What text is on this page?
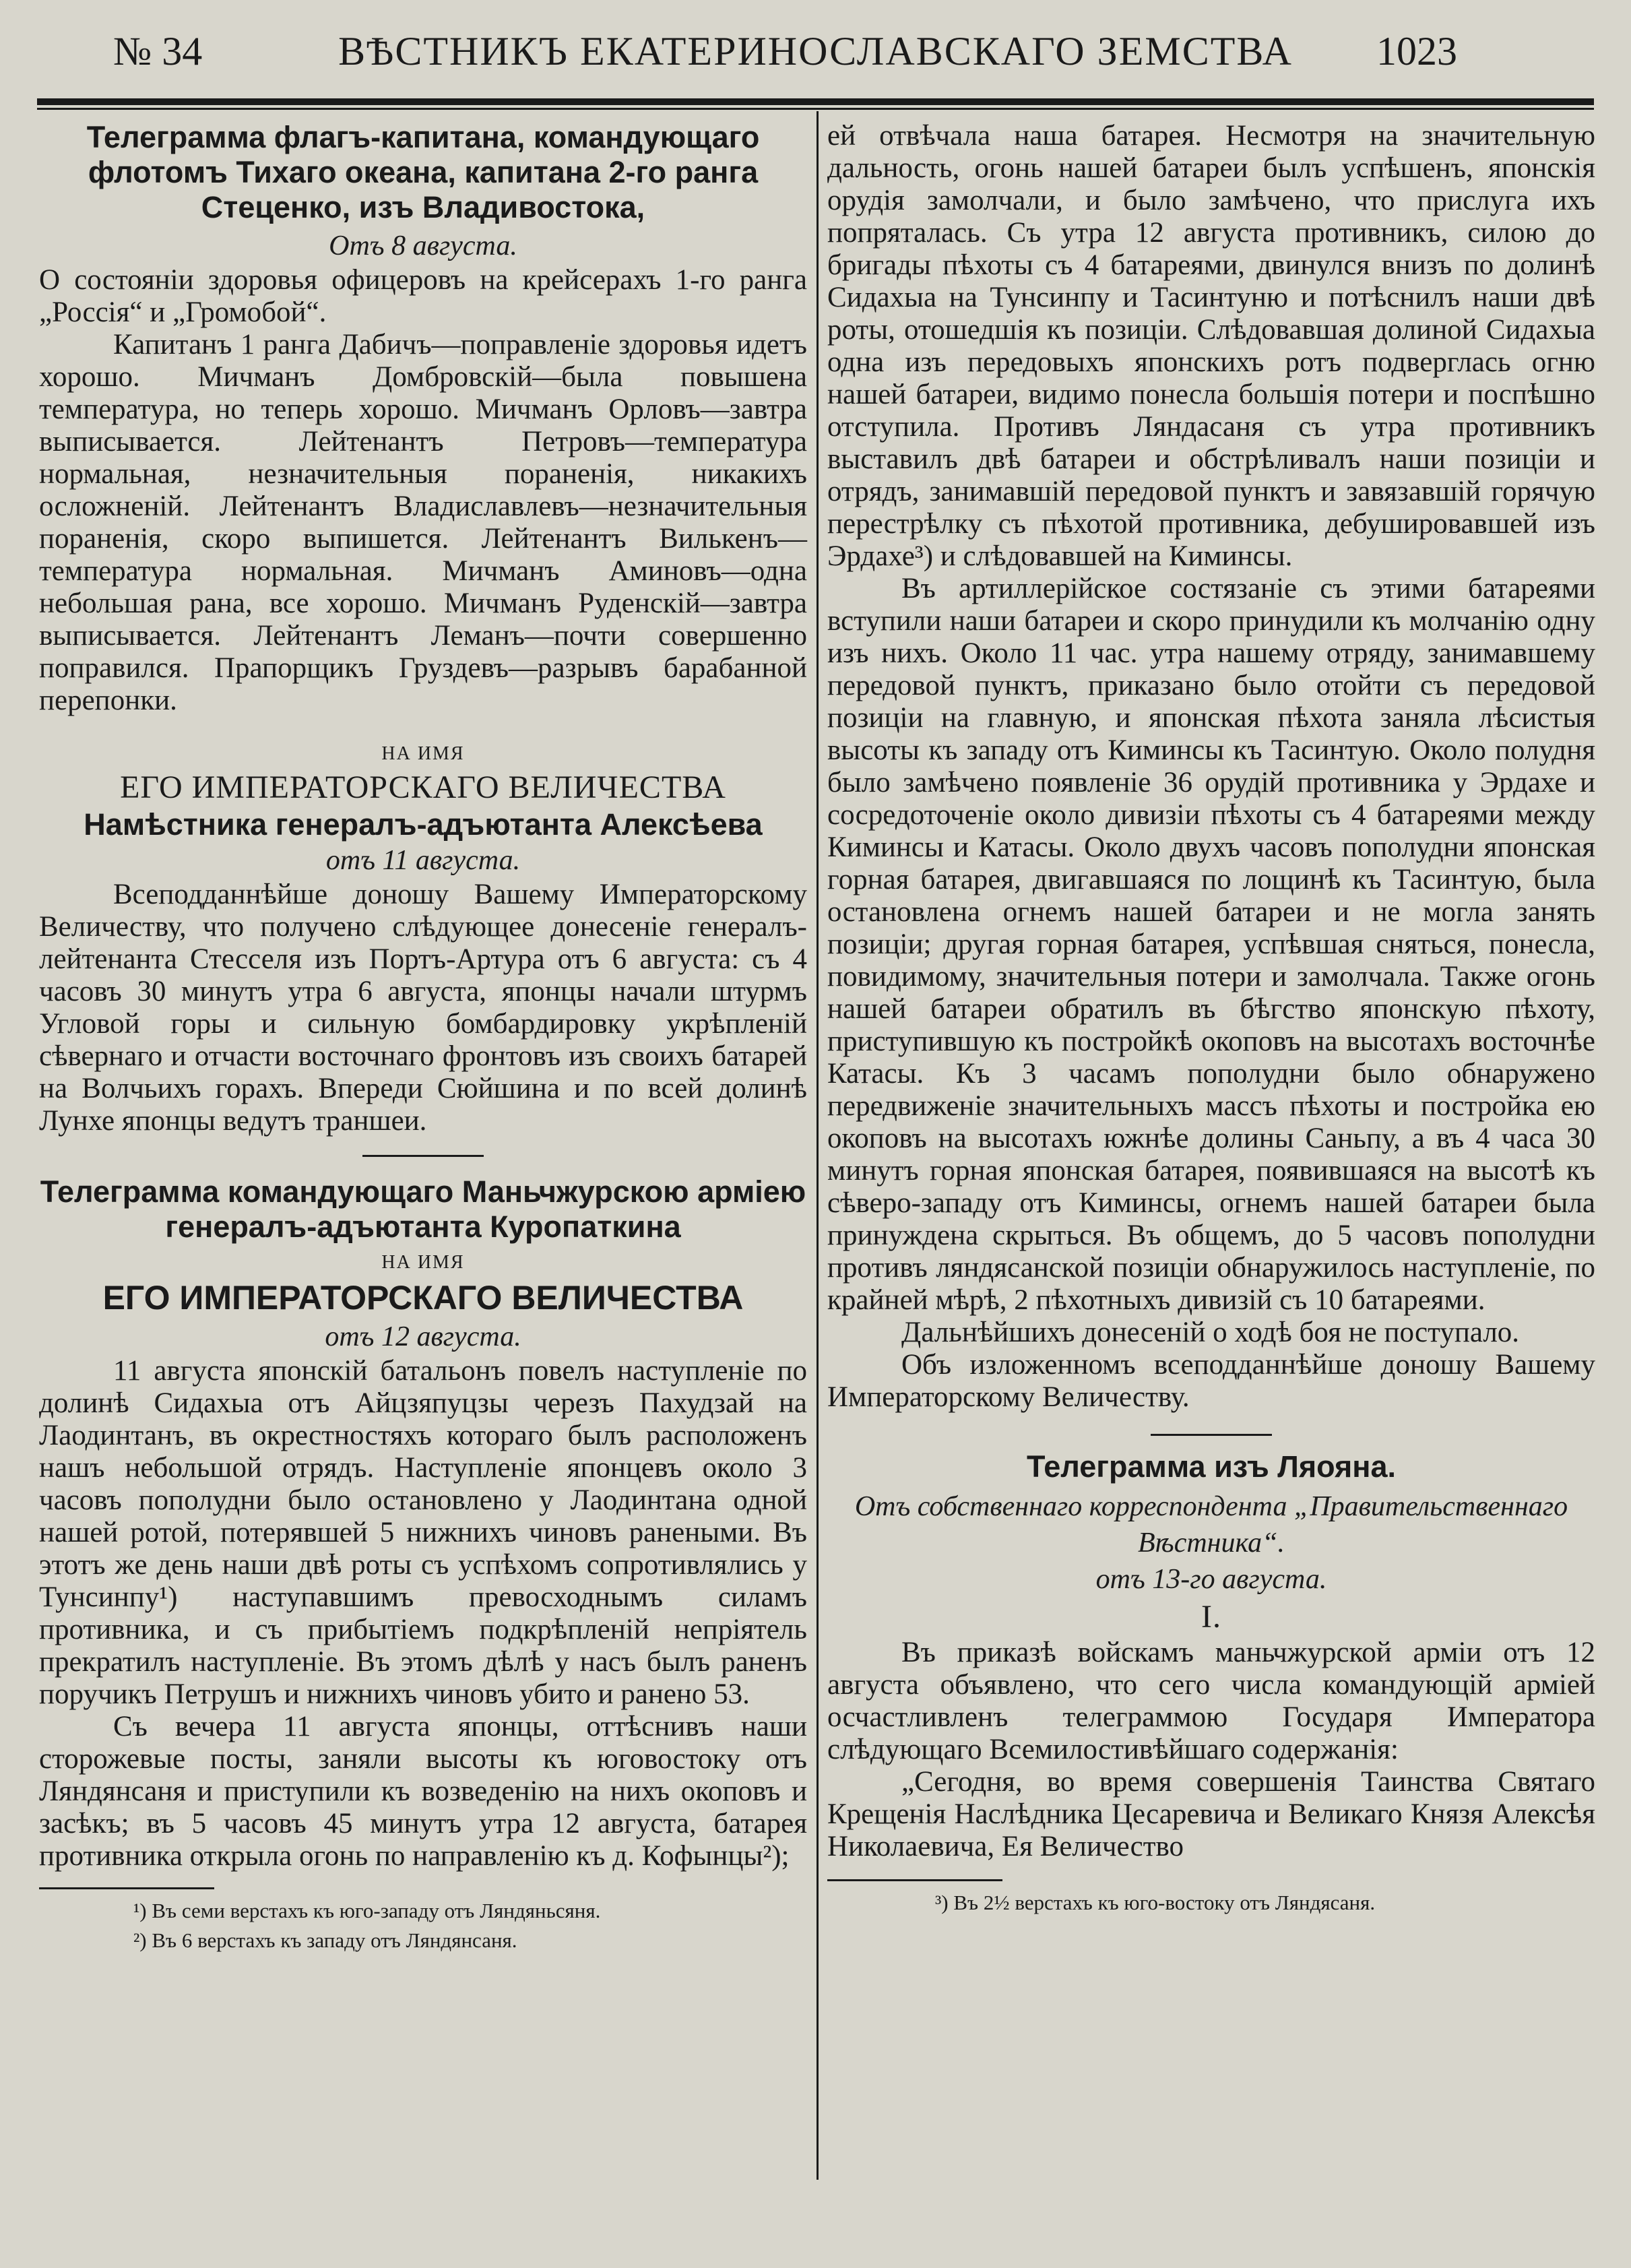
№ 34	ВѢСТНИКЪ ЕКАТЕРИНОСЛАВСКАГО ЗЕМСТВА	1023

Телеграмма флагъ-капитана, командующаго флотомъ Тихаго океана, капитана 2-го ранга Стеценко, изъ Владивостока,

Отъ 8 августа.

О состоянiи здоровья офицеровъ на крейсерахъ 1-го ранга „Россiя“ и „Громобой“.

Капитанъ 1 ранга Дабичъ—поправленiе здоровья идетъ хорошо. Мичманъ Домбровскiй—была повышена температура, но теперь хорошо. Мичманъ Орловъ—завтра выписывается. Лейтенантъ Петровъ—температура нормальная, незначительныя пораненiя, никакихъ осложненiй. Лейтенантъ Владиславлевъ—незначительныя пораненiя, скоро выпишется. Лейтенантъ Вилькенъ—температура нормальная. Мичманъ Аминовъ—одна небольшая рана, все хорошо. Мичманъ Руденскiй—завтра выписывается. Лейтенантъ Леманъ—почти совершенно поправился. Прапорщикъ Груздевъ—разрывъ барабанной перепонки.

НА ИМЯ

ЕГО ИМПЕРАТОРСКАГО ВЕЛИЧЕСТВА

Намѣстника генералъ-адъютанта Алексѣева

отъ 11 августа.

Всеподданнѣйше доношу Вашему Императорскому Величеству, что получено слѣдующее донесенiе генералъ-лейтенанта Стесселя изъ Портъ-Артура отъ 6 августа: съ 4 часовъ 30 минутъ утра 6 августа, японцы начали штурмъ Угловой горы и сильную бомбардировку укрѣпленiй сѣвернаго и отчасти восточнаго фронтовъ изъ своихъ батарей на Волчьихъ горахъ. Впереди Сюйшина и по всей долинѣ Лунхе японцы ведутъ траншеи.

Телеграмма командующаго Маньчжурскою армiею генералъ-адъютанта Куропаткина

НА ИМЯ

ЕГО ИМПЕРАТОРСКАГО ВЕЛИЧЕСТВА

отъ 12 августа.

11 августа японскiй батальонъ повелъ наступленiе по долинѣ Сидахыа отъ Айцзяпуцзы черезъ Пахудзай на Лаодинтанъ, въ окрестностяхъ котораго былъ расположенъ нашъ небольшой отрядъ. Наступленiе японцевъ около 3 часовъ пополудни было остановлено у Лаодинтана одной нашей ротой, потерявшей 5 нижнихъ чиновъ ранеными. Въ этотъ же день наши двѣ роты съ успѣхомъ сопротивлялись у Тунсинпу¹) наступавшимъ превосходнымъ силамъ противника, и съ прибытiемъ подкрѣпленiй непрiятель прекратилъ наступленiе. Въ этомъ дѣлѣ у насъ былъ раненъ поручикъ Петрушъ и нижнихъ чиновъ убито и ранено 53.

Съ вечера 11 августа японцы, оттѣснивъ наши сторожевые посты, заняли высоты къ юговостоку отъ Ляндянсаня и приступили къ возведенiю на нихъ окоповъ и засѣкъ; въ 5 часовъ 45 минутъ утра 12 августа, батарея противника открыла огонь по направленiю къ д. Кофынцы²);

¹) Въ семи верстахъ къ юго-западу отъ Ляндяньсяня.

²) Въ 6 верстахъ къ западу отъ Ляндянсаня.

ей отвѣчала наша батарея. Несмотря на значительную дальность, огонь нашей батареи былъ успѣшенъ, японскiя орудiя замолчали, и было замѣчено, что прислуга ихъ попряталась. Съ утра 12 августа противникъ, силою до бригады пѣхоты съ 4 батареями, двинулся внизъ по долинѣ Сидахыа на Тунсинпу и Тасинтуню и потѣснилъ наши двѣ роты, отошедшiя къ позицiи. Слѣдовавшая долиной Сидахыа одна изъ передовыхъ японскихъ ротъ подверглась огню нашей батареи, видимо понесла большiя потери и поспѣшно отступила. Противъ Ляндасаня съ утра противникъ выставилъ двѣ батареи и обстрѣливалъ наши позицiи и отрядъ, занимавшiй передовой пунктъ и завязавшiй горячую перестрѣлку съ пѣхотой противника, дебушировавшей изъ Эрдахе³) и слѣдовавшей на Киминсы.

Въ артиллерiйское состязанiе съ этими батареями вступили наши батареи и скоро принудили къ молчанiю одну изъ нихъ. Около 11 час. утра нашему отряду, занимавшему передовой пунктъ, приказано было отойти съ передовой позицiи на главную, и японская пѣхота заняла лѣсистыя высоты къ западу отъ Киминсы къ Тасинтую. Около полудня было замѣчено появленiе 36 орудiй противника у Эрдахе и сосредоточенiе около дивизiи пѣхоты съ 4 батареями между Киминсы и Катасы. Около двухъ часовъ пополудни японская горная батарея, двигавшаяся по лощинѣ къ Тасинтую, была остановлена огнемъ нашей батареи и не могла занять позицiи; другая горная батарея, успѣвшая сняться, понесла, повидимому, значительныя потери и замолчала. Также огонь нашей батареи обратилъ въ бѣгство японскую пѣхоту, приступившую къ постройкѣ окоповъ на высотахъ восточнѣе Катасы. Къ 3 часамъ пополудни было обнаружено передвиженiе значительныхъ массъ пѣхоты и постройка ею окоповъ на высотахъ южнѣе долины Саньпу, а въ 4 часа 30 минутъ горная японская батарея, появившаяся на высотѣ къ сѣверо-западу отъ Киминсы, огнемъ нашей батареи была принуждена скрыться. Въ общемъ, до 5 часовъ пополудни противъ ляндясанской позицiи обнаружилось наступленiе, по крайней мѣрѣ, 2 пѣхотныхъ дивизiй съ 10 батареями.

Дальнѣйшихъ донесенiй о ходѣ боя не поступало.

Объ изложенномъ всеподданнѣйше доношу Вашему Императорскому Величеству.

Телеграмма изъ Ляояна.

Отъ собственнаго корреспондента „Правительственнаго Вѣстника“.

отъ 13-го августа.

I.

Въ приказѣ войскамъ маньчжурской армiи отъ 12 августа объявлено, что сего числа командующiй армiей осчастливленъ телеграммою Государя Императора слѣдующаго Всемилостивѣйшаго содержанiя:

„Сегодня, во время совершенiя Таинства Святаго Крещенiя Наслѣдника Цесаревича и Великаго Князя Алексѣя Николаевича, Ея Величество

³) Въ 2½ верстахъ къ юго-востоку отъ Ляндясаня.
